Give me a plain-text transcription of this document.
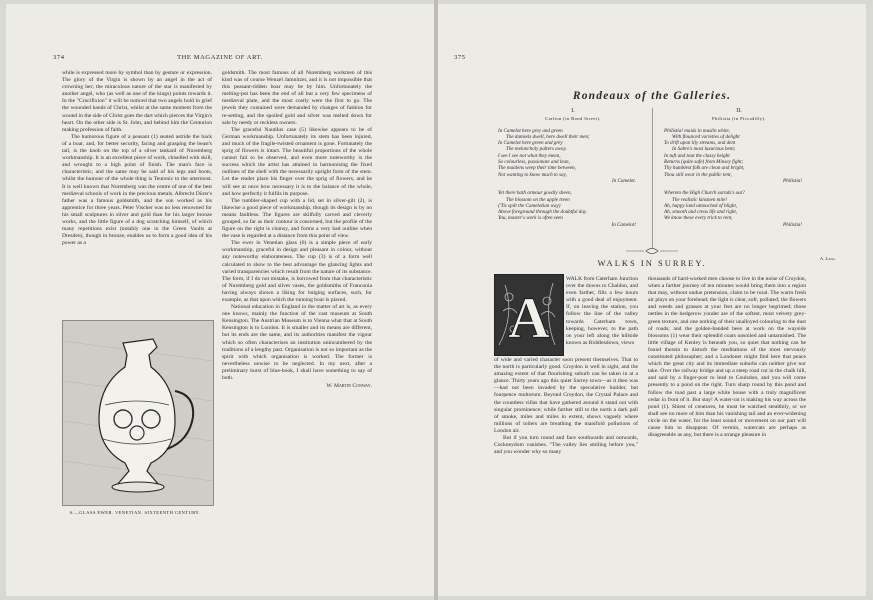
374	THE MAGAZINE OF ART.

while is expressed more by symbol than by gesture or expression. The glory of the Virgin is shown by an angel in the act of crowning her; the miraculous nature of the star is manifested by another angel, who (as well as one of the kings) points towards it. In the "Crucifixion" it will be noticed that two angels hold in grief the wounded hands of Christ, whilst at the same moment from the wound in the side of Christ goes the dart which pierces the Virgin's heart. On the other side is St. John, and behind him the Centurion making profession of faith.

The humorous figure of a peasant (1) seated astride the back of a boar, and, for better security, facing and grasping the beast's tail, is the knob on the top of a silver tankard of Nuremberg workmanship. It is an excellent piece of work, chiselled with skill, and wrought to a high point of finish. The man's face is characteristic, and the same may be said of his legs and boots, whilst the humour of the whole thing is Teutonic to the uttermost. It is well known that Nuremberg was the centre of one of the best mediæval schools of work in the precious metals. Albrecht Dürer's father was a famous goldsmith, and the son worked as his apprentice for three years. Peter Vischer was no less renowned for his small sculptures in silver and gold than for his larger bronze works, and the little figure of a dog scratching himself, of which many repetitions exist (notably one in the Green Vaults at Dresden), though in bronze, enables us to form a good idea of his power as a

6.—GLASS EWER. VENETIAN. SIXTEENTH CENTURY.

goldsmith. The most famous of all Nuremberg workmen of this kind was of course Wenzel Jamnitzer, and it is not impossible that this peasant-ridden boar may be by him. Unfortunately the melting-pot has been the end of all but a very few specimens of mediæval plate, and the most costly were the first to go. The jewels they contained were demanded by changes of fashion for re-setting, and the spoiled gold and silver was melted down for sale by needy or reckless owners.

The graceful Nautilus case (5) likewise appears to be of German workmanship. Unfortunately its stem has been injured, and much of the fragile-twisted ornament is gone. Fortunately the sprig of flowers is intact. The beautiful proportions of the whole cannot fail to be observed, and even more noteworthy is the success which the artist has attained in harmonising the fixed outlines of the shell with the necessarily upright form of the stem. Let the reader place his finger over the sprig of flowers, and he will see at once how necessary it is to the balance of the whole, and how perfectly it fulfils its purpose.

The tumbler-shaped cup with a lid, set in silver-gilt (2), is likewise a good piece of workmanship, though its design is by no means faultless. The figures are skilfully carved and cleverly grouped, so far as their contour is concerned, but the profile of the figure on the right is clumsy, and forms a very bad outline when the vase is regarded at a distance from this point of view.

The ewer in Venetian glass (6) is a simple piece of early workmanship, graceful in design and pleasant in colour, without any noteworthy elaborateness. The cup (3) is of a form well calculated to show to the best advantage the glancing lights and varied transparencies which result from the nature of its substance. The form, if I do not mistake, is borrowed from that characteristic of Nuremberg gold and silver vases, the goldsmiths of Franconia having always shown a liking for bulging surfaces, such, for example, as that upon which the running boar is placed.

National education in England in the matter of art is, as every one knows, mainly the function of the vast museum at South Kensington. The Austrian Museum is to Vienna what that at South Kensington is to London. It is smaller and its means are different, but its ends are the same, and its authorities manifest the vigour which so often characterises an institution unincumbered by the traditions of a lengthy past. Organisation is not so important as the spirit with which organisation is worked. The former is nevertheless unwise to be neglected. In my next, after a preliminary burst of blue-book, I shall have something to say of both.

W. Martin Conway.
375
Rondeaux of the Galleries.
I.
Carlton (in Bond Street).
In Camelot here grey and green
The damsels dwell, here dwell their men;
In Camelot here green and grey
The melancholy palters away.
I see I see not what they mean,
So colourless, passionate and lean,
The maidens weep their time between,
Not wanting to know much to say,
In Camelot.
Yet there hath armour goodly sheen,
The blossom on the apple treen
('Tis spilt the Camelotian way)
Above foreground through the doubtful day.
You, master's work is often seen
In Camelot!
II.
Philistia (in Piccadilly).
Philistia! maids in muslin white,
With flounced varieties of delight
To drift upon lily streams, and dent
In Sabre's most luxurious bent;
In tuft and tout the classy height
Returns (quite safe) from Minsey fight;
Thy humblest folk are clean and bright,
Thou still wear in the public tent,
Philistia!
Whereto the High Church sarnds's out?
The realistic kinsmen mite!
Ah, happy land untouched of blight,
Ah, smooth and creas life and right,
We know these every trick to rent,
Philistia!
A. Lang.
WALKS IN SURREY.
A

WALK from Caterham Junction over the downs to Chaldon, and even farther, fills a few hours with a good deal of enjoyment. If, on leaving the station, you follow the line of the valley towards Caterham town, keeping, however, to the path on your left along the hillside known as Riddlesdown, views

of wide and varied character soon present themselves. That to the north is particularly good. Croydon is well in sight, and the amazing extent of that flourishing suburb can be taken in at a glance. Thirty years ago this quiet Surrey town—as it then was—had not been invaded by the speculative builder, but fourpence multorum. Beyond Croydon, the Crystal Palace and the countless villas that have gathered around it stand out with singular prominence; while farther still to the north a dark pall of smoke, miles and miles in extent, shows vaguely where millions of toilers are breathing the manifold pollutions of London air.

But if you turn round and face southwards and outwards, Cockneydom vanishes. "The valley lies smiling before you," and you wonder why so many

thousands of hard-worked men choose to live in the noise of Croydon, when a farther journey of ten minutes would bring them into a region that may, without undue pretension, claim to be rural. The warm fresh air plays on your forehead; the light is clear, soft, polluted; the flowers and weeds and grasses at your feet are no longer begrimed; those nettles in the hedgerow yonder are of the softest, most velvety grey-green texture, and one nothing of their unalloyed colouring to the dust of roads; and the golden-banded bees at work on the wayside blossoms (1) wear their splendid coats unsoiled and untarnished. The little village of Kenley is beneath you, so quiet that nothing can be found therein to disturb the meditations of the most nervously constituted philosopher; and a Londoner might find here that peace which the great city and its immediate suburbs can neither give nor take. Over the railway bridge and up a steep road cut in the chalk hill, and said by a finger-post to lead to Coulsdon, and you will come presently to a pond on the right. Turn sharp round by this pond and follow the road past a large white house with a truly magnificent cedar in front of it. But stay! A water-rat is making his way across the pond (1). Shiest of creatures, he must be watched stealthily, or we shall see no more of him than his vanishing tail and an ever-widening circle on the water, for the least sound or movement on our part will cause him to disappear. Of vermin, watercats are perhaps as disagreeable as any, but there is a strange pleasure in
